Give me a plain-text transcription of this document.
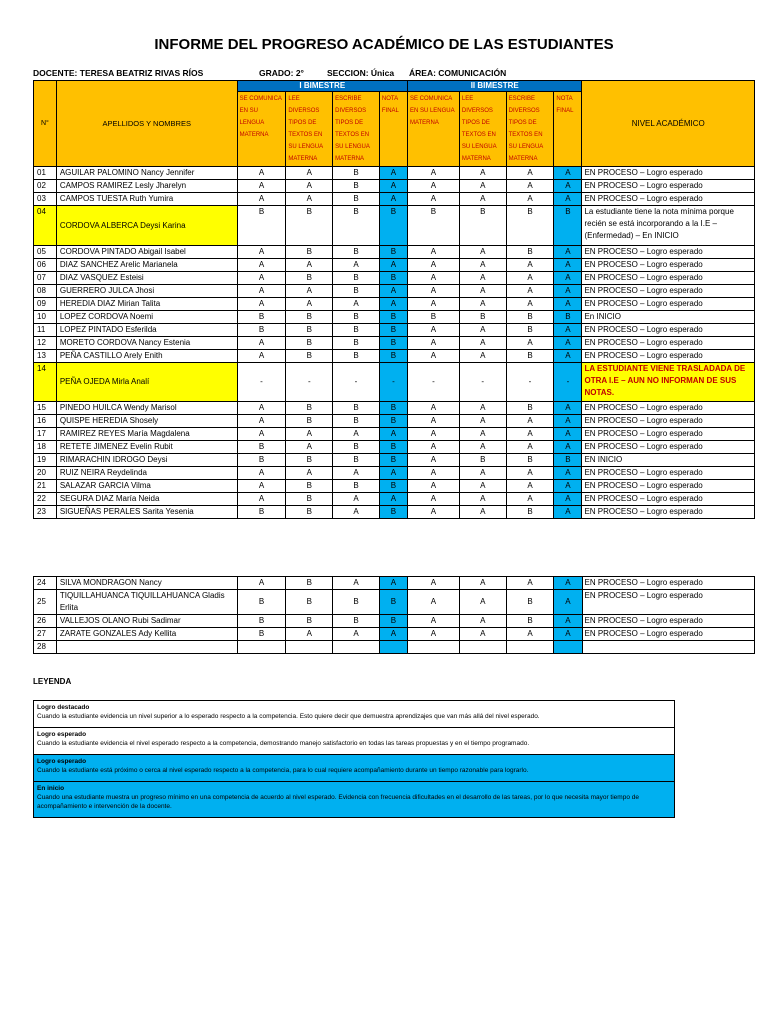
INFORME DEL PROGRESO ACADÉMICO DE LAS ESTUDIANTES
DOCENTE: TERESA BEATRIZ RIVAS RÍOS	GRADO: 2°	SECCION: Única ÁREA: COMUNICACIÓN
N°	APELLIDOS Y NOMBRES	I BIMESTRE				II BIMESTRE				NIVEL ACADÉMICO
		SE COMUNICA EN SU LENGUA MATERNA	LEE DIVERSOS TIPOS DE TEXTOS EN SU LENGUA MATERNA	ESCRIBE DIVERSOS TIPOS DE TEXTOS EN SU LENGUA MATERNA	NOTA FINAL	SE COMUNICA EN SU LENGUA MATERNA	LEE DIVERSOS TIPOS DE TEXTOS EN SU LENGUA MATERNA	ESCRIBE DIVERSOS TIPOS DE TEXTOS EN SU LENGUA MATERNA	NOTA FINAL	
01	AGUILAR PALOMINO Nancy Jennifer	A	A	B	A	A	A	A	A	EN PROCESO – Logro esperado
02	CAMPOS RAMIREZ Lesly Jharelyn	A	A	B	A	A	A	A	A	EN PROCESO – Logro esperado
03	CAMPOS TUESTA Ruth Yumira	A	A	B	A	A	A	A	A	EN PROCESO – Logro esperado
04	CORDOVA ALBERCA Deysi Karina	B	B	B	B	B	B	B	B	La estudiante tiene la nota mínima porque recién se está incorporando a la I.E – (Enfermedad) – En INICIO
05	CORDOVA PINTADO Abigail Isabel	A	B	B	B	A	A	B	A	EN PROCESO – Logro esperado
06	DIAZ SANCHEZ Arelic Marianela	A	A	A	A	A	A	A	A	EN PROCESO – Logro esperado
07	DIAZ VASQUEZ Esteisi	A	B	B	B	A	A	A	A	EN PROCESO – Logro esperado
08	GUERRERO JULCA Jhosi	A	A	B	A	A	A	A	A	EN PROCESO – Logro esperado
09	HEREDIA DIAZ Mirian Talita	A	A	A	A	A	A	A	A	EN PROCESO – Logro esperado
10	LOPEZ CORDOVA Noemi	B	B	B	B	B	B	B	B	En INICIO
11	LOPEZ PINTADO Esferilda	B	B	B	B	A	A	B	A	EN PROCESO – Logro esperado
12	MORETO CORDOVA Nancy Estenia	A	B	B	B	A	A	A	A	EN PROCESO – Logro esperado
13	PEÑA CASTILLO Arely Enith	A	B	B	B	A	A	B	A	EN PROCESO – Logro esperado
14	PEÑA OJEDA Mirla Analí	-	-	-	-	-	-	-	-	LA ESTUDIANTE VIENE TRASLADADA DE OTRA I.E – AUN NO INFORMAN DE SUS NOTAS.
15	PINEDO HUILCA Wendy Marisol	A	B	B	B	A	A	B	A	EN PROCESO – Logro esperado
16	QUISPE HEREDIA Shosely	A	B	B	B	A	A	A	A	EN PROCESO – Logro esperado
17	RAMIREZ REYES María Magdalena	A	A	A	A	A	A	A	A	EN PROCESO – Logro esperado
18	RETETE JIMENEZ Evelin Rubit	B	A	B	B	A	A	A	A	EN PROCESO – Logro esperado
19	RIMARACHIN IDROGO Deysi	B	B	B	B	A	B	B	B	EN INICIO
20	RUIZ NEIRA Reydelinda	A	A	A	A	A	A	A	A	EN PROCESO – Logro esperado
21	SALAZAR GARCIA Vilma	A	B	B	B	A	A	A	A	EN PROCESO – Logro esperado
22	SEGURA DIAZ María Neida	A	B	A	A	A	A	A	A	EN PROCESO – Logro esperado
23	SIGUEÑAS PERALES Sarita Yesenia	B	B	A	B	A	A	B	A	EN PROCESO – Logro esperado
24	SILVA MONDRAGON Nancy	A	B	A	A	A	A	A	A	EN PROCESO – Logro esperado
25	TIQUILLAHUANCA TIQUILLAHUANCA Gladis Erlita	B	B	B	B	A	A	B	A	EN PROCESO – Logro esperado
26	VALLEJOS OLANO Rubi Sadimar	B	B	B	B	A	A	B	A	EN PROCESO – Logro esperado
27	ZARATE GONZALES Ady Kellita	B	A	A	A	A	A	A	A	EN PROCESO – Logro esperado
28										
LEYENDA
Logro destacado
Cuando la estudiante evidencia un nivel superior a lo esperado respecto a la competencia. Esto quiere decir que demuestra aprendizajes que van más allá del nivel esperado.

Logro esperado
Cuando la estudiante evidencia el nivel esperado respecto a la competencia, demostrando manejo satisfactorio en todas las tareas propuestas y en el tiempo programado.

Logro esperado
Cuando la estudiante está próximo o cerca al nivel esperado respecto a la competencia, para lo cual requiere acompañamiento durante un tiempo razonable para lograrlo.

En inicio
Cuando una estudiante muestra un progreso mínimo en una competencia de acuerdo al nivel esperado. Evidencia con frecuencia dificultades en el desarrollo de las tareas, por lo que necesita mayor tiempo de acompañamiento e intervención de la docente.
